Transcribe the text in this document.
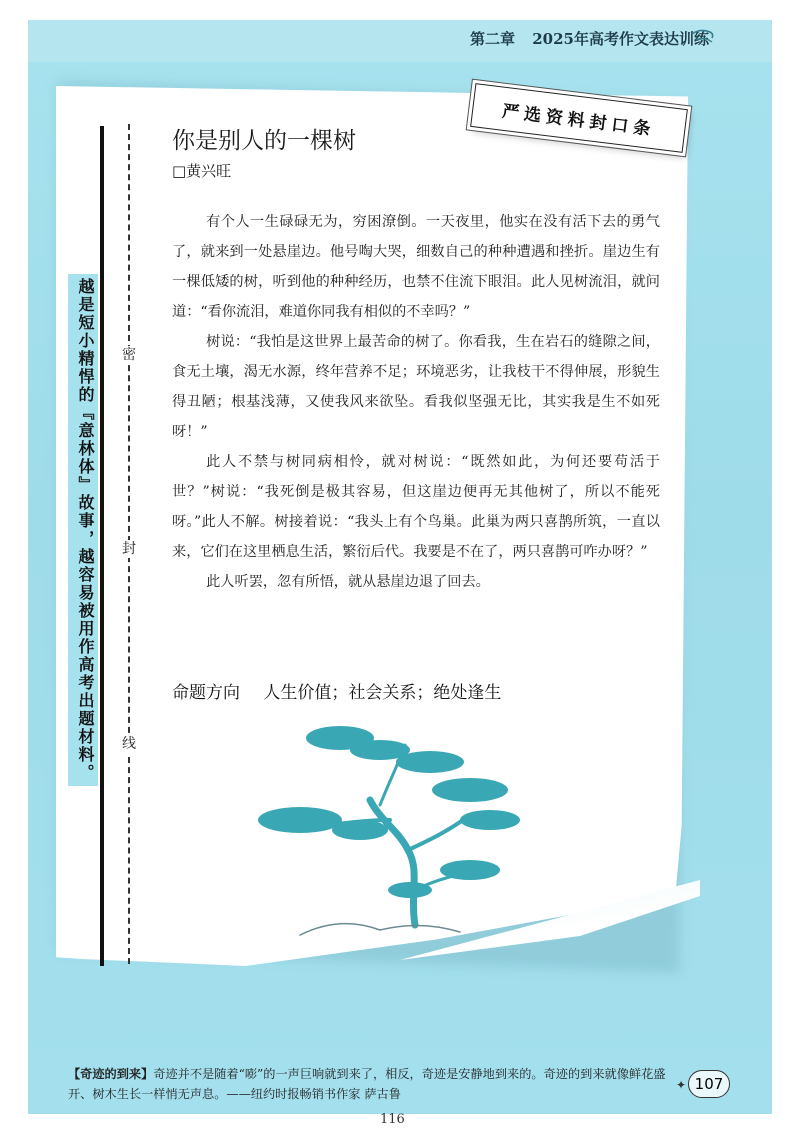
第二章 2025年高考作文表达训练
严选资料封口条
密
封
线
越是短小精悍的『意林体』故事，越容易被用作高考出题材料。
你是别人的一棵树
□黄兴旺

有个人一生碌碌无为，穷困潦倒。一天夜里，他实在没有活下去的勇气了，就来到一处悬崖边。他号啕大哭，细数自己的种种遭遇和挫折。崖边生有一棵低矮的树，听到他的种种经历，也禁不住流下眼泪。此人见树流泪，就问道：“看你流泪，难道你同我有相似的不幸吗？”

树说：“我怕是这世界上最苦命的树了。你看我，生在岩石的缝隙之间，食无土壤，渴无水源，终年营养不足；环境恶劣，让我枝干不得伸展，形貌生得丑陋；根基浅薄，又使我风来欲坠。看我似坚强无比，其实我是生不如死呀！”

此人不禁与树同病相怜，就对树说：“既然如此，为何还要苟活于世？”树说：“我死倒是极其容易，但这崖边便再无其他树了，所以不能死呀。”此人不解。树接着说：“我头上有个鸟巢。此巢为两只喜鹊所筑，一直以来，它们在这里栖息生活，繁衍后代。我要是不在了，两只喜鹊可咋办呀？”

此人听罢，忽有所悟，就从悬崖边退了回去。

命题方向 人生价值；社会关系；绝处逢生
【奇迹的到来】奇迹并不是随着“嘭”的一声巨响就到来了，相反，奇迹是安静地到来的。奇迹的到来就像鲜花盛开、树木生长一样悄无声息。——纽约时报畅销书作家 萨古鲁
✦ 107
116
